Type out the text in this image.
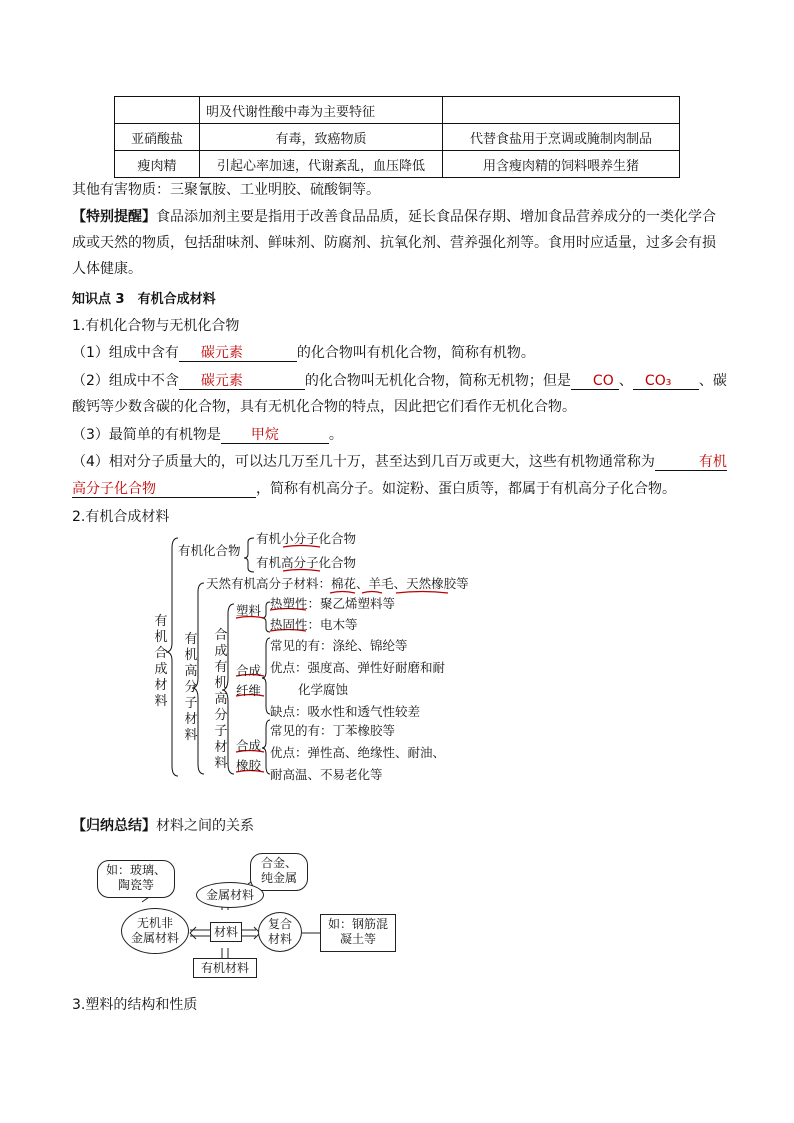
	明及代谢性酸中毒为主要特征	
亚硝酸盐	有毒，致癌物质	代替食盐用于烹调或腌制肉制品
瘦肉精	引起心率加速，代谢紊乱，血压降低	用含瘦肉精的饲料喂养生猪
其他有害物质：三聚氰胺、工业明胶、硫酸铜等。
【特别提醒】食品添加剂主要是指用于改善食品品质，延长食品保存期、增加食品营养成分的一类化学合
成或天然的物质，包括甜味剂、鲜味剂、防腐剂、抗氧化剂、营养强化剂等。食用时应适量，过多会有损
人体健康。
知识点 3　有机合成材料
1.有机化合物与无机化合物
（1）组成中含有 碳元素	的化合物叫有机化合物，简称有机物。
（2）组成中不含 碳元素	的化合物叫无机化合物，简称无机物；但是 CO 、 CO₃ 、碳
酸钙等少数含碳的化合物，具有无机化合物的特点，因此把它们看作无机化合物。
（3）最简单的有机物是 甲烷	。
（4）相对分子质量大的，可以达几万至几十万，甚至达到几百万或更大，这些有机物通常称为	有机
高分子化合物	，简称有机高分子。如淀粉、蛋白质等，都属于有机高分子化合物。
2.有机合成材料
有机合成材料
有机化合物
有机小分子化合物
有机高分子化合物
有机高分子材料
天然有机高分子材料：棉花、羊毛、天然橡胶等
合成有机高分子材料
塑料 热塑性：聚乙烯塑料等
热固性：电木等
合成
纤维
常见的有：涤纶、锦纶等
优点：强度高、弹性好耐磨和耐
化学腐蚀
缺点：吸水性和透气性较差
合成
橡胶
常见的有：丁苯橡胶等
优点：弹性高、绝缘性、耐油、
耐高温、不易老化等
【归纳总结】材料之间的关系
如：玻璃、
陶瓷等
合金、
纯金属
金属材料
无机非
金属材料	材料
复合
材料
如：钢筋混
凝土等
有机材料
3.塑料的结构和性质
